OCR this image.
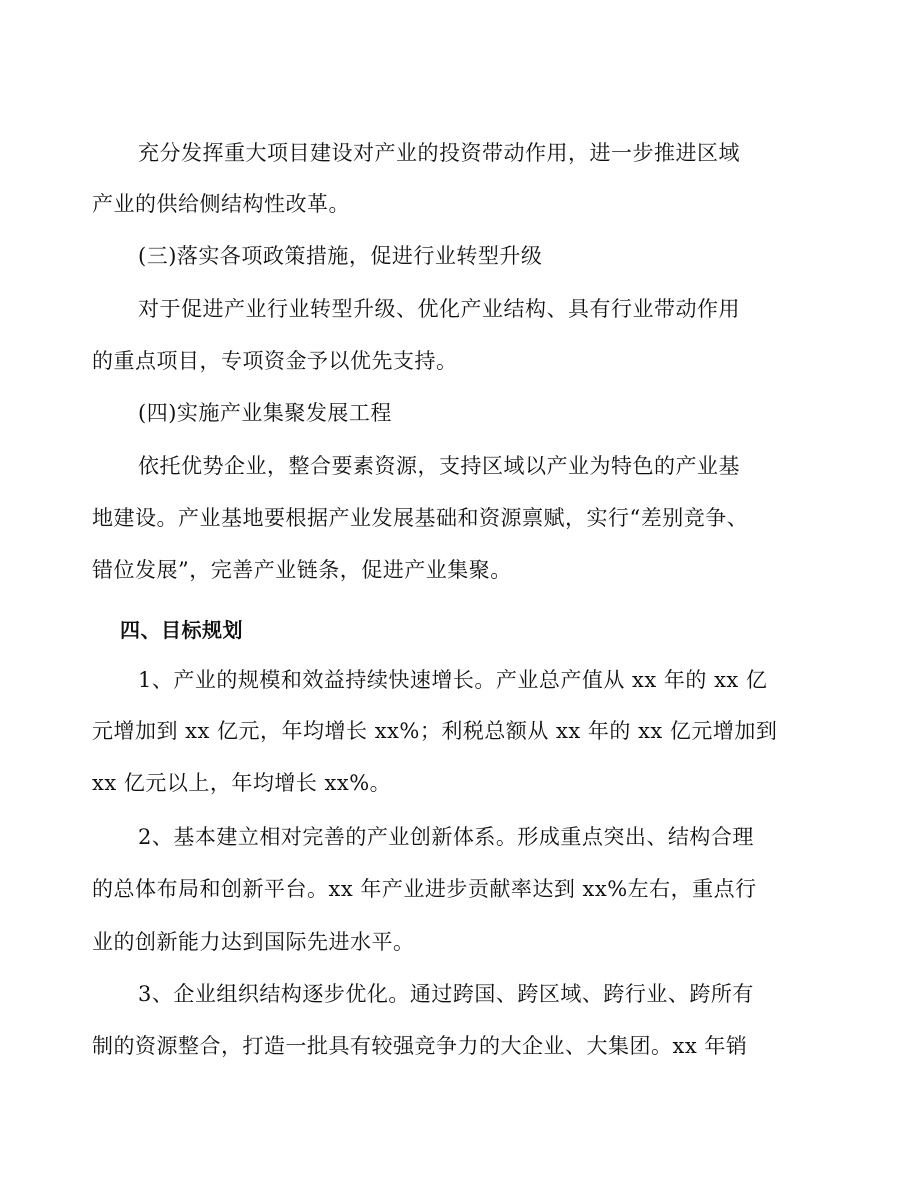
充分发挥重大项目建设对产业的投资带动作用，进一步推进区域
产业的供给侧结构性改革。
(三)落实各项政策措施，促进行业转型升级
对于促进产业行业转型升级、优化产业结构、具有行业带动作用
的重点项目，专项资金予以优先支持。
(四)实施产业集聚发展工程
依托优势企业，整合要素资源，支持区域以产业为特色的产业基
地建设。产业基地要根据产业发展基础和资源禀赋，实行“差别竞争、
错位发展”，完善产业链条，促进产业集聚。
四、目标规划
1、产业的规模和效益持续快速增长。产业总产值从 xx 年的 xx 亿
元增加到 xx 亿元，年均增长 xx%；利税总额从 xx 年的 xx 亿元增加到
xx 亿元以上，年均增长 xx%。
2、基本建立相对完善的产业创新体系。形成重点突出、结构合理
的总体布局和创新平台。xx 年产业进步贡献率达到 xx%左右，重点行
业的创新能力达到国际先进水平。
3、企业组织结构逐步优化。通过跨国、跨区域、跨行业、跨所有
制的资源整合，打造一批具有较强竞争力的大企业、大集团。xx 年销
